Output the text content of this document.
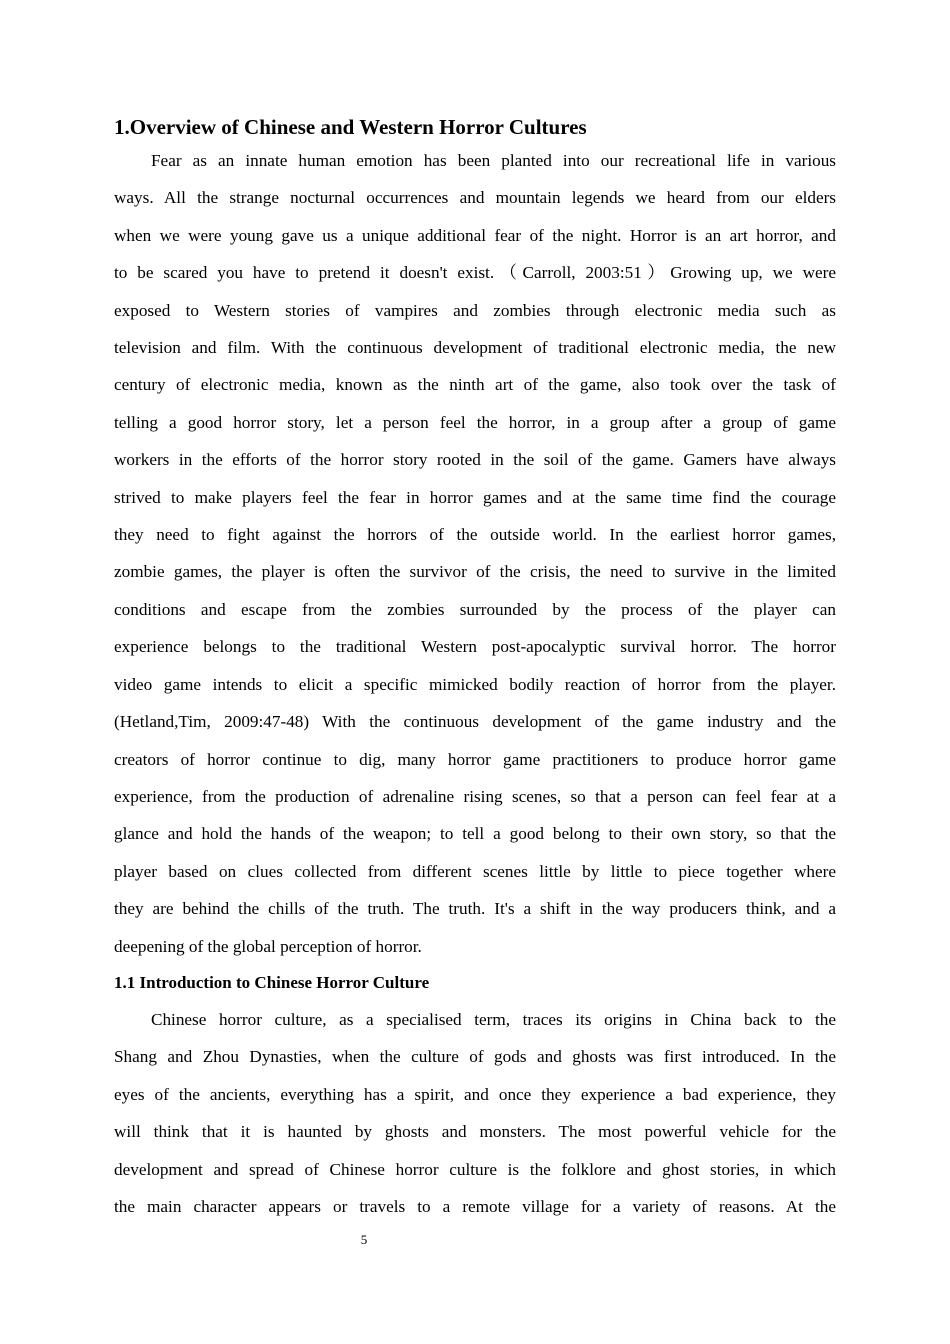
1.Overview of Chinese and Western Horror Cultures
Fear as an innate human emotion has been planted into our recreational life in various
ways. All the strange nocturnal occurrences and mountain legends we heard from our elders
when we were young gave us a unique additional fear of the night. Horror is an art horror, and
to be scared you have to pretend it doesn't exist.（Carroll, 2003:51）Growing up, we were
exposed to Western stories of vampires and zombies through electronic media such as
television and film. With the continuous development of traditional electronic media, the new
century of electronic media, known as the ninth art of the game, also took over the task of
telling a good horror story, let a person feel the horror, in a group after a group of game
workers in the efforts of the horror story rooted in the soil of the game. Gamers have always
strived to make players feel the fear in horror games and at the same time find the courage
they need to fight against the horrors of the outside world. In the earliest horror games,
zombie games, the player is often the survivor of the crisis, the need to survive in the limited
conditions and escape from the zombies surrounded by the process of the player can
experience belongs to the traditional Western post-apocalyptic survival horror. The horror
video game intends to elicit a specific mimicked bodily reaction of horror from the player.
(Hetland,Tim, 2009:47-48) With the continuous development of the game industry and the
creators of horror continue to dig, many horror game practitioners to produce horror game
experience, from the production of adrenaline rising scenes, so that a person can feel fear at a
glance and hold the hands of the weapon; to tell a good belong to their own story, so that the
player based on clues collected from different scenes little by little to piece together where
they are behind the chills of the truth. The truth. It's a shift in the way producers think, and a
deepening of the global perception of horror.
1.1 Introduction to Chinese Horror Culture
Chinese horror culture, as a specialised term, traces its origins in China back to the
Shang and Zhou Dynasties, when the culture of gods and ghosts was first introduced. In the
eyes of the ancients, everything has a spirit, and once they experience a bad experience, they
will think that it is haunted by ghosts and monsters. The most powerful vehicle for the
development and spread of Chinese horror culture is the folklore and ghost stories, in which
the main character appears or travels to a remote village for a variety of reasons. At the
5
